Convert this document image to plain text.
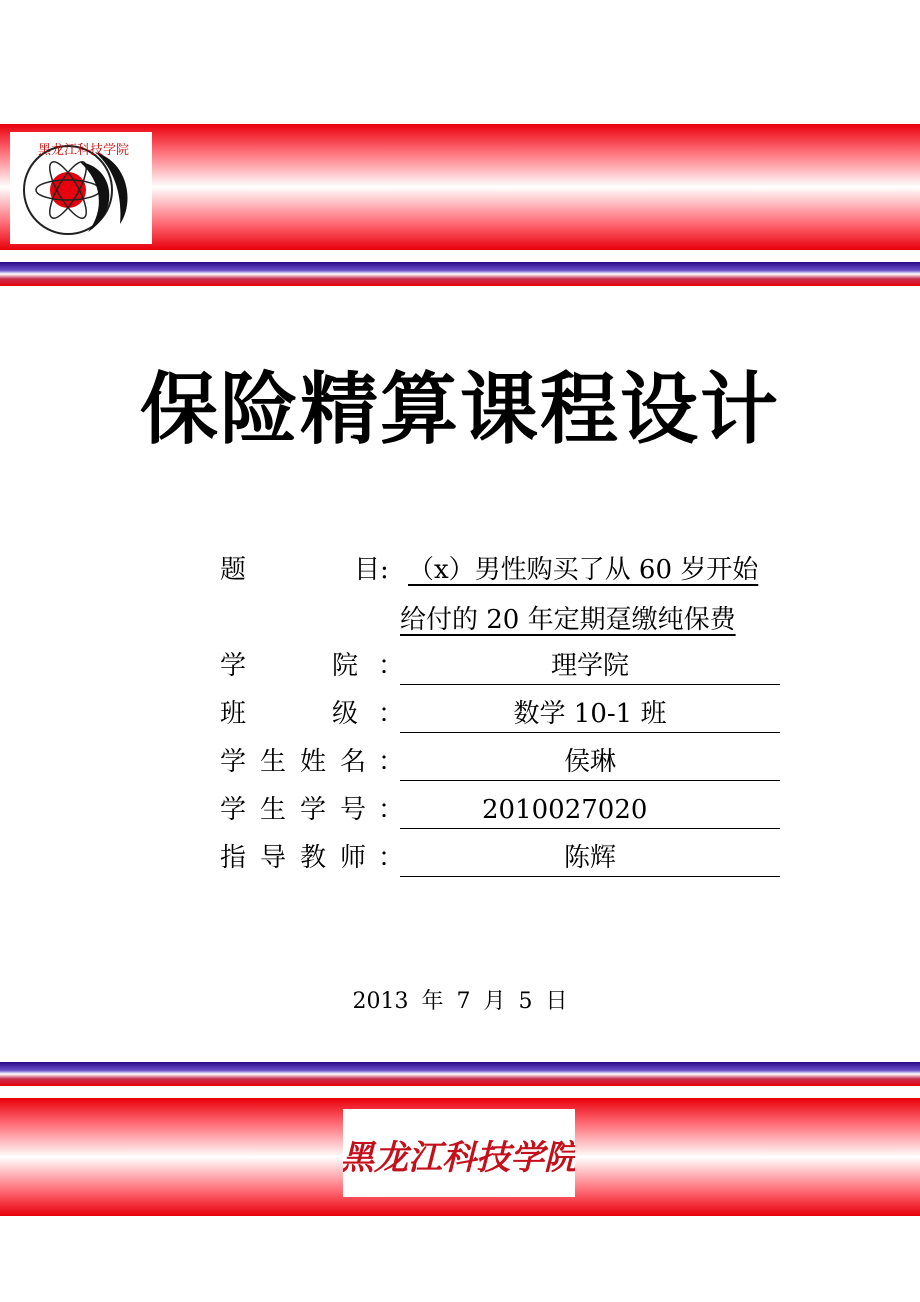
黑龙江科技学院
保险精算课程设计
题	目 : （x）男性购买了从 60 岁开始
给付的 20 年定期趸缴纯保费
学	院 ：	理学院
班	级 ：	数学 10-1 班
学 生 姓 名 ：	侯琳
学 生 学 号 ：	2010027020
指 导 教 师 ：	陈辉
2013 年 7 月 5 日
黑龙江科技学院
